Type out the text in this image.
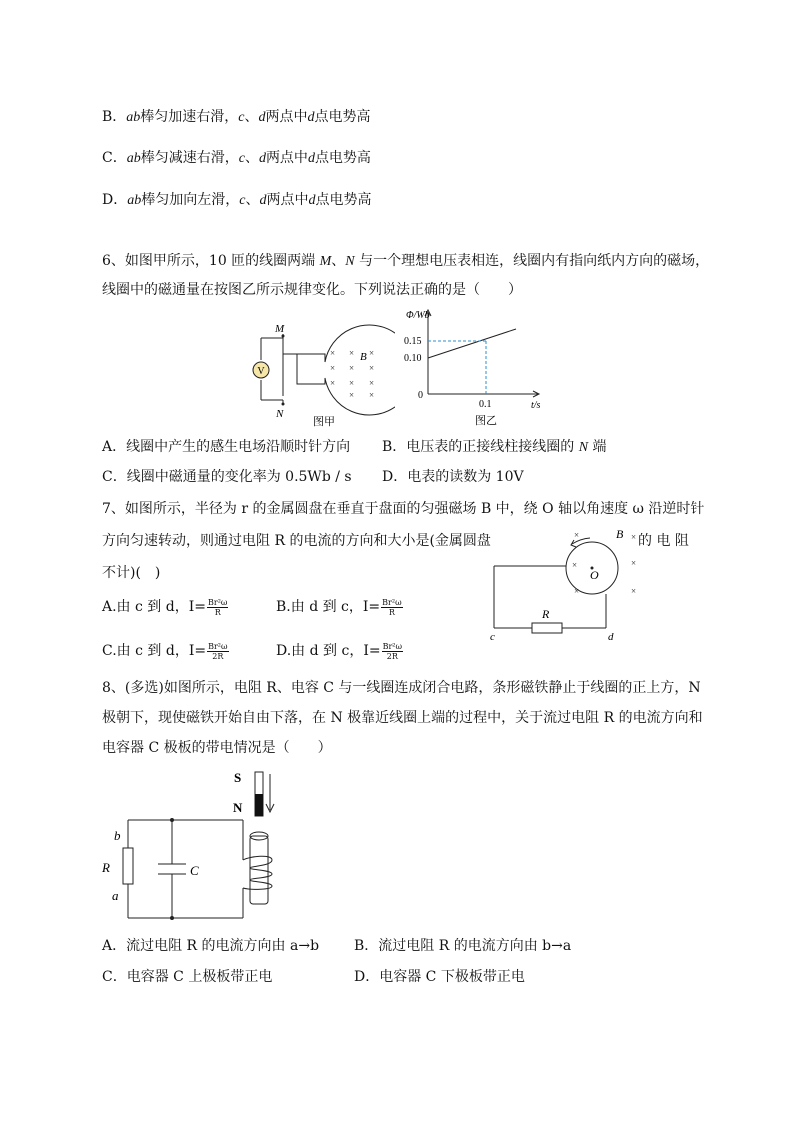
B．ab棒匀加速右滑，c、d两点中d点电势高
C．ab棒匀减速右滑，c、d两点中d点电势高
D．ab棒匀加向左滑，c、d两点中d点电势高
6、如图甲所示，10 匝的线圈两端 M、N 与一个理想电压表相连，线圈内有指向纸内方向的磁场，
线圈中的磁通量在按图乙所示规律变化。下列说法正确的是（　　）
V
M
N
B
× × ×
× × ×
× × ×
× ×
图甲
Φ/Wb
0.15
0.10
0
0.1	t/s
图乙
A．线圈中产生的感生电场沿顺时针方向 B．电压表的正接线柱接线圈的 N 端
C．线圈中磁通量的变化率为 0.5Wb / s D．电表的读数为 10V
7、如图所示，半径为 r 的金属圆盘在垂直于盘面的匀强磁场 B 中，绕 O 轴以角速度 ω 沿逆时针
方向匀速转动，则通过电阻 R 的电流的方向和大小是(金属圆盘	的 电 阻
不计)(　)
A.由 c 到 d，$I= \frac{\text{Br²ω}}{R}$	B.由 d 到 c，$I= \frac{\text{Br²ω}}{R}$
C.由 c 到 d，$I= \frac{\text{Br²ω}}{2R}$	D.由 d 到 c，$I= \frac{\text{Br²ω}}{2R}$
×
×
×	×
×
×
B
O
R
c	d
8、(多选)如图所示，电阻 R、电容 C 与一线圈连成闭合电路，条形磁铁静止于线圈的正上方，N
极朝下，现使磁铁开始自由下落，在 N 极靠近线圈上端的过程中，关于流过电阻 R 的电流方向和
电容器 C 极板的带电情况是（　　）
S
N
b
R
a
C
A．流过电阻 R 的电流方向由 a→b B．流过电阻 R 的电流方向由 b→a
C．电容器 C 上极板带正电	D．电容器 C 下极板带正电
